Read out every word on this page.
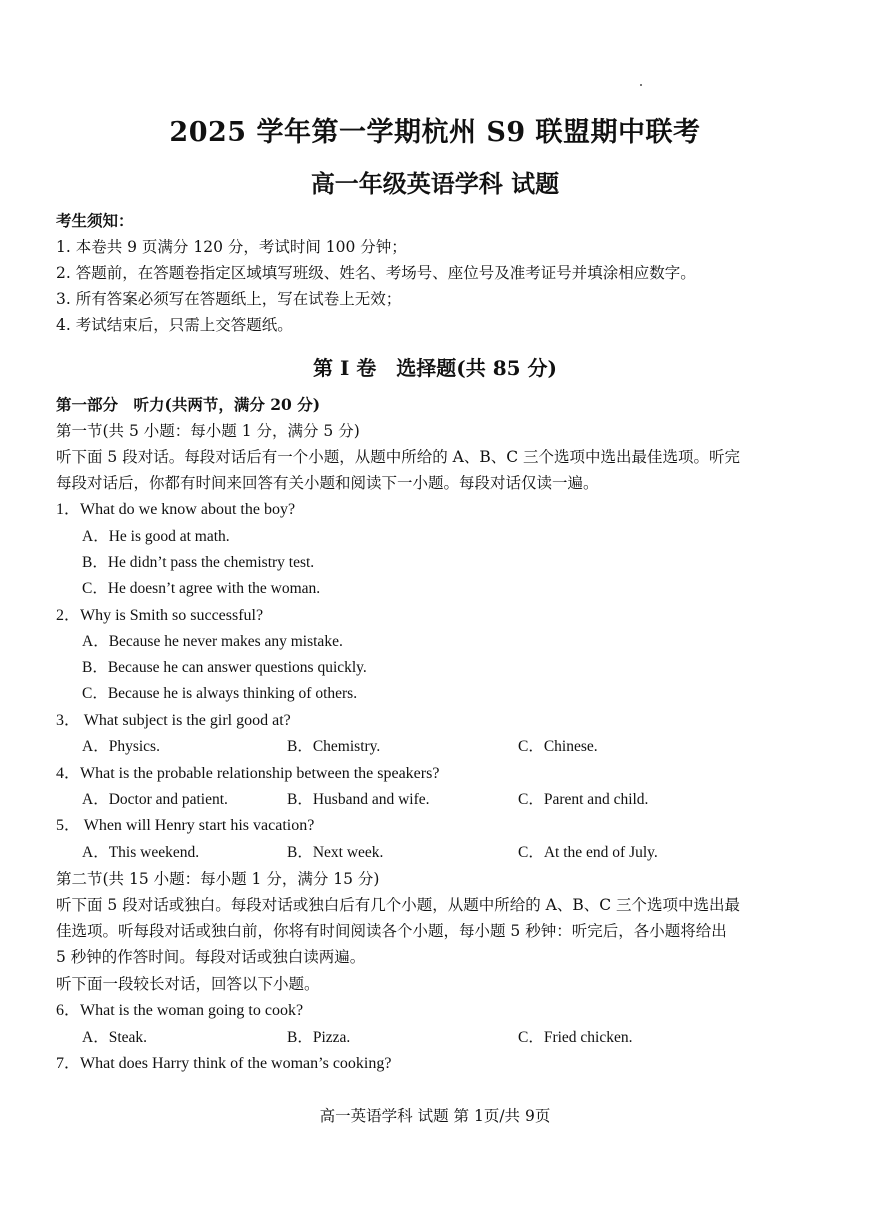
2025 学年第一学期杭州 S9 联盟期中联考
高一年级英语学科 试题
考生须知：
1. 本卷共 9 页满分 120 分，考试时间 100 分钟；
2. 答题前，在答题卷指定区域填写班级、姓名、考场号、座位号及准考证号并填涂相应数字。
3. 所有答案必须写在答题纸上，写在试卷上无效；
4. 考试结束后，只需上交答题纸。
第 I 卷　选择题(共 85 分)
第一部分　听力(共两节，满分 20 分)
第一节(共 5 小题：每小题 1 分，满分 5 分)
听下面 5 段对话。每段对话后有一个小题，从题中所给的 A、B、C 三个选项中选出最佳选项。听完
每段对话后，你都有时间来回答有关小题和阅读下一小题。每段对话仅读一遍。
1．What do we know about the boy?
A．He is good at math.
B．He didn’t pass the chemistry test.
C．He doesn’t agree with the woman.
2．Why is Smith so successful?
A．Because he never makes any mistake.
B．Because he can answer questions quickly.
C．Because he is always thinking of others.
3． What subject is the girl good at?
A．Physics.	B．Chemistry.	C．Chinese.
4．What is the probable relationship between the speakers?
A．Doctor and patient.	B．Husband and wife.	C．Parent and child.
5． When will Henry start his vacation?
A．This weekend.	B．Next week.	C．At the end of July.
第二节(共 15 小题：每小题 1 分，满分 15 分)
听下面 5 段对话或独白。每段对话或独白后有几个小题，从题中所给的 A、B、C 三个选项中选出最
佳选项。听每段对话或独白前，你将有时间阅读各个小题，每小题 5 秒钟：听完后，各小题将给出
5 秒钟的作答时间。每段对话或独白读两遍。
听下面一段较长对话，回答以下小题。
6．What is the woman going to cook?
A．Steak.	B．Pizza.	C．Fried chicken.
7．What does Harry think of the woman’s cooking?
高一英语学科 试题 第 1页/共 9页
